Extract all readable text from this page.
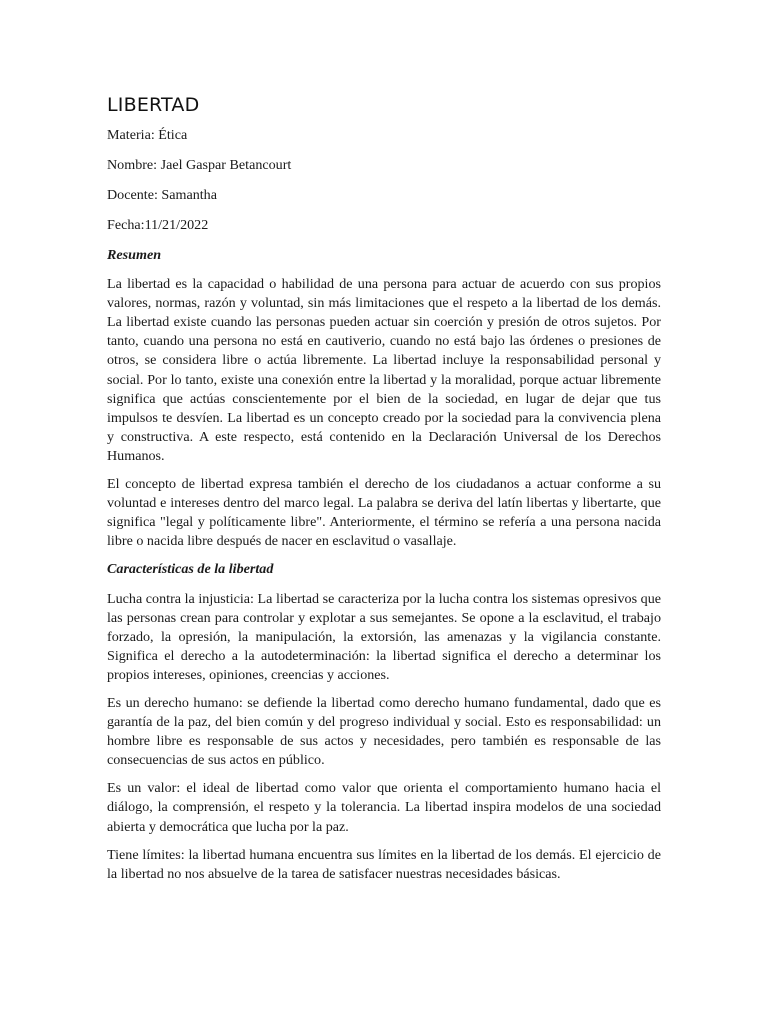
LIBERTAD

Materia: Ética

Nombre: Jael Gaspar Betancourt

Docente: Samantha

Fecha:11/21/2022

Resumen

La libertad es la capacidad o habilidad de una persona para actuar de acuerdo con sus propios valores, normas, razón y voluntad, sin más limitaciones que el respeto a la libertad de los demás. La libertad existe cuando las personas pueden actuar sin coerción y presión de otros sujetos. Por tanto, cuando una persona no está en cautiverio, cuando no está bajo las órdenes o presiones de otros, se considera libre o actúa libremente. La libertad incluye la responsabilidad personal y social. Por lo tanto, existe una conexión entre la libertad y la moralidad, porque actuar libremente significa que actúas conscientemente por el bien de la sociedad, en lugar de dejar que tus impulsos te desvíen. La libertad es un concepto creado por la sociedad para la convivencia plena y constructiva. A este respecto, está contenido en la Declaración Universal de los Derechos Humanos.

El concepto de libertad expresa también el derecho de los ciudadanos a actuar conforme a su voluntad e intereses dentro del marco legal. La palabra se deriva del latín libertas y libertarte, que significa "legal y políticamente libre". Anteriormente, el término se refería a una persona nacida libre o nacida libre después de nacer en esclavitud o vasallaje.

Características de la libertad

Lucha contra la injusticia: La libertad se caracteriza por la lucha contra los sistemas opresivos que las personas crean para controlar y explotar a sus semejantes. Se opone a la esclavitud, el trabajo forzado, la opresión, la manipulación, la extorsión, las amenazas y la vigilancia constante. Significa el derecho a la autodeterminación: la libertad significa el derecho a determinar los propios intereses, opiniones, creencias y acciones.

Es un derecho humano: se defiende la libertad como derecho humano fundamental, dado que es garantía de la paz, del bien común y del progreso individual y social. Esto es responsabilidad: un hombre libre es responsable de sus actos y necesidades, pero también es responsable de las consecuencias de sus actos en público.

Es un valor: el ideal de libertad como valor que orienta el comportamiento humano hacia el diálogo, la comprensión, el respeto y la tolerancia. La libertad inspira modelos de una sociedad abierta y democrática que lucha por la paz.

Tiene límites: la libertad humana encuentra sus límites en la libertad de los demás. El ejercicio de la libertad no nos absuelve de la tarea de satisfacer nuestras necesidades básicas.
